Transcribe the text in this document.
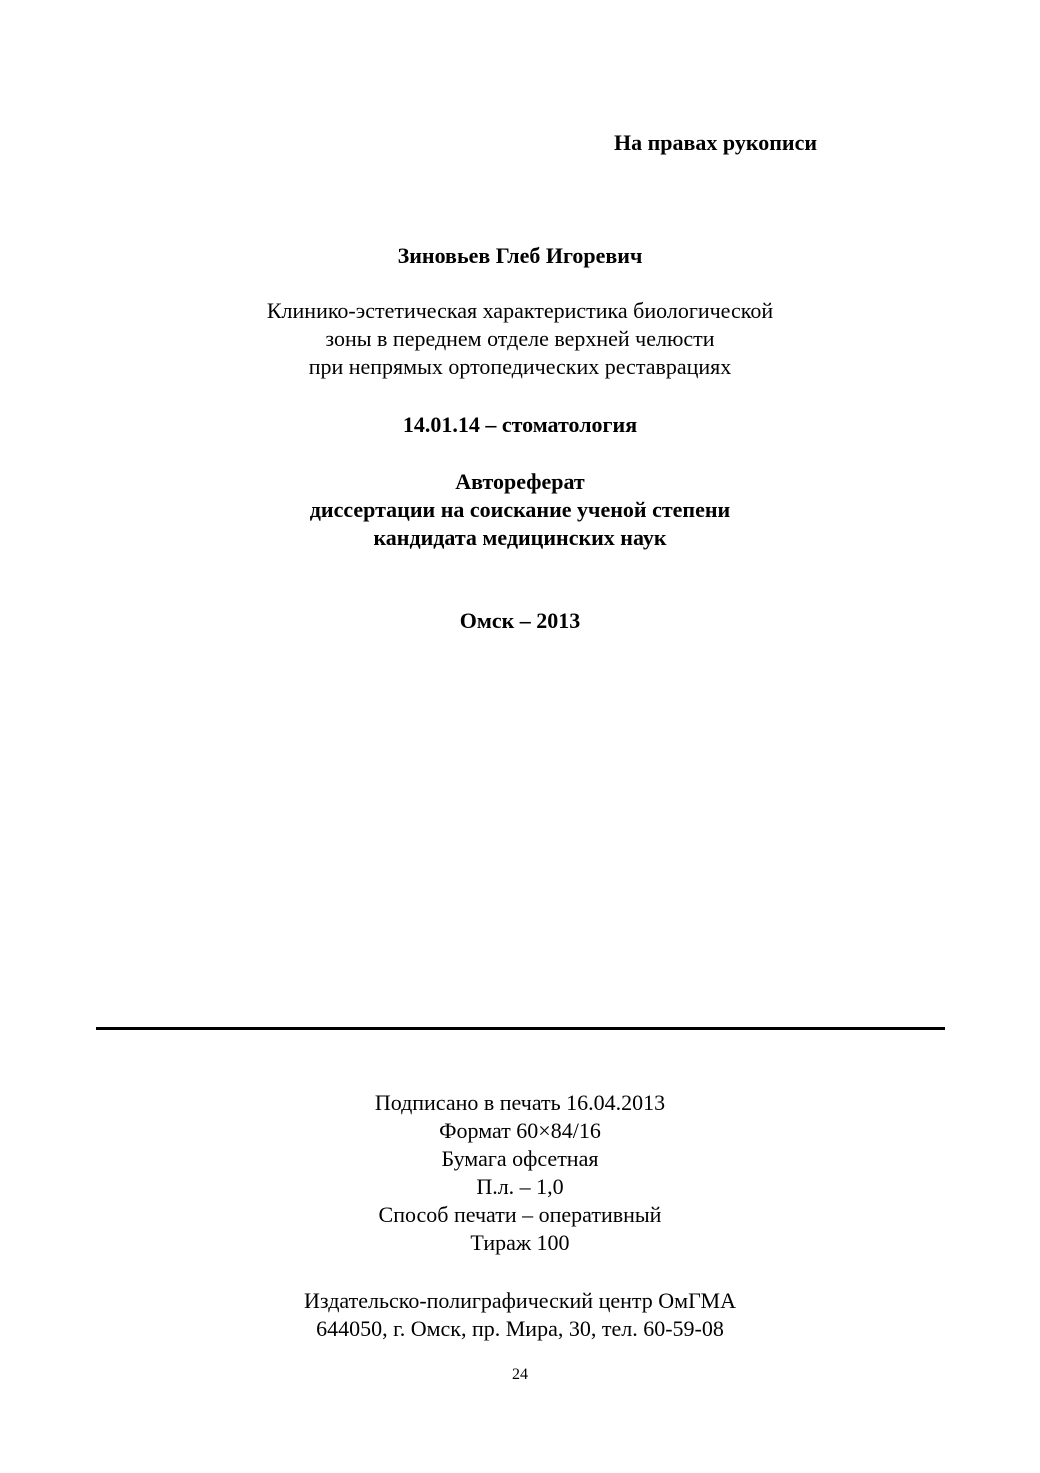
На правах рукописи

Зиновьев Глеб Игоревич

Клинико-эстетическая характеристика биологической

зоны в переднем отделе верхней челюсти

при непрямых ортопедических реставрациях

14.01.14 – стоматология

Автореферат

диссертации на соискание ученой степени

кандидата медицинских наук

Омск – 2013

Подписано в печать 16.04.2013

Формат 60×84/16

Бумага офсетная

П.л. – 1,0

Способ печати – оперативный

Тираж 100

Издательско-полиграфический центр ОмГМА

644050, г. Омск, пр. Мира, 30, тел. 60-59-08

24
